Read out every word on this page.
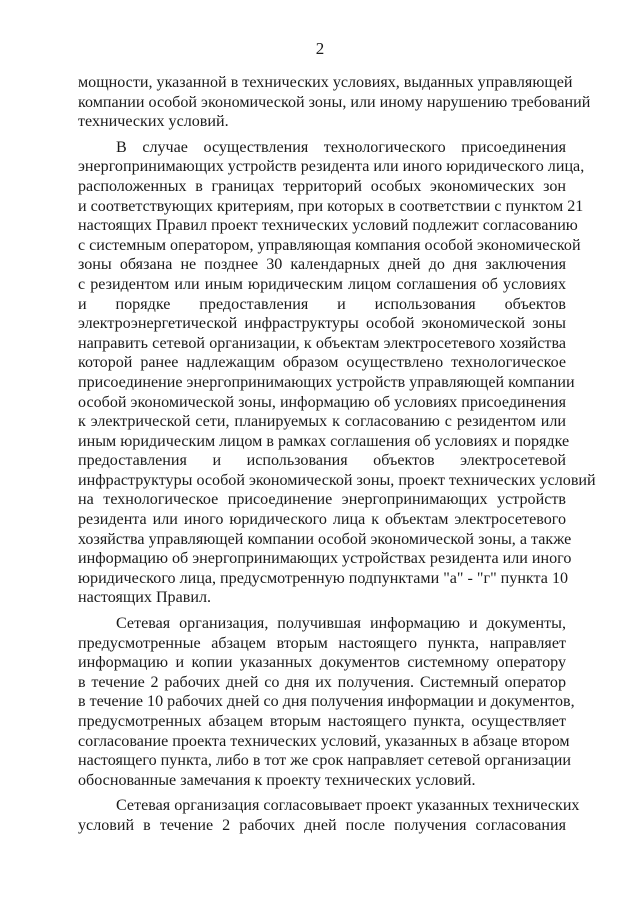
2
мощности, указанной в технических условиях, выданных управляющей
компании особой экономической зоны, или иному нарушению требований
технических условий.
В случае осуществления технологического присоединения
энергопринимающих устройств резидента или иного юридического лица,
расположенных в границах территорий особых экономических зон
и соответствующих критериям, при которых в соответствии с пунктом 21
настоящих Правил проект технических условий подлежит согласованию
с системным оператором, управляющая компания особой экономической
зоны обязана не позднее 30 календарных дней до дня заключения
с резидентом или иным юридическим лицом соглашения об условиях
и порядке предоставления и использования объектов
электроэнергетической инфраструктуры особой экономической зоны
направить сетевой организации, к объектам электросетевого хозяйства
которой ранее надлежащим образом осуществлено технологическое
присоединение энергопринимающих устройств управляющей компании
особой экономической зоны, информацию об условиях присоединения
к электрической сети, планируемых к согласованию с резидентом или
иным юридическим лицом в рамках соглашения об условиях и порядке
предоставления и использования объектов электросетевой
инфраструктуры особой экономической зоны, проект технических условий
на технологическое присоединение энергопринимающих устройств
резидента или иного юридического лица к объектам электросетевого
хозяйства управляющей компании особой экономической зоны, а также
информацию об энергопринимающих устройствах резидента или иного
юридического лица, предусмотренную подпунктами "а" - "г" пункта 10
настоящих Правил.
Сетевая организация, получившая информацию и документы,
предусмотренные абзацем вторым настоящего пункта, направляет
информацию и копии указанных документов системному оператору
в течение 2 рабочих дней со дня их получения. Системный оператор
в течение 10 рабочих дней со дня получения информации и документов,
предусмотренных абзацем вторым настоящего пункта, осуществляет
согласование проекта технических условий, указанных в абзаце втором
настоящего пункта, либо в тот же срок направляет сетевой организации
обоснованные замечания к проекту технических условий.
Сетевая организация согласовывает проект указанных технических
условий в течение 2 рабочих дней после получения согласования
